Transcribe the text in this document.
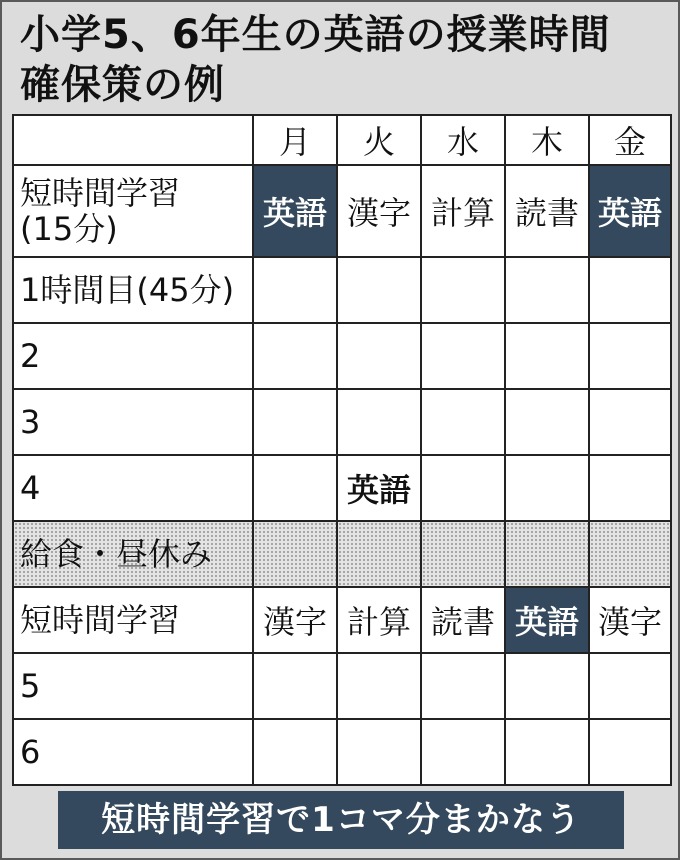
小学5、6年生の英語の授業時間
確保策の例
	月	火	水	木	金
短時間学習
(15分)	英語	漢字	計算	読書	英語
1時間目(45分)					
2					
3					
4		英語			
給食・昼休み					
短時間学習	漢字	計算	読書	英語	漢字
5					
6					
短時間学習で1コマ分まかなう
